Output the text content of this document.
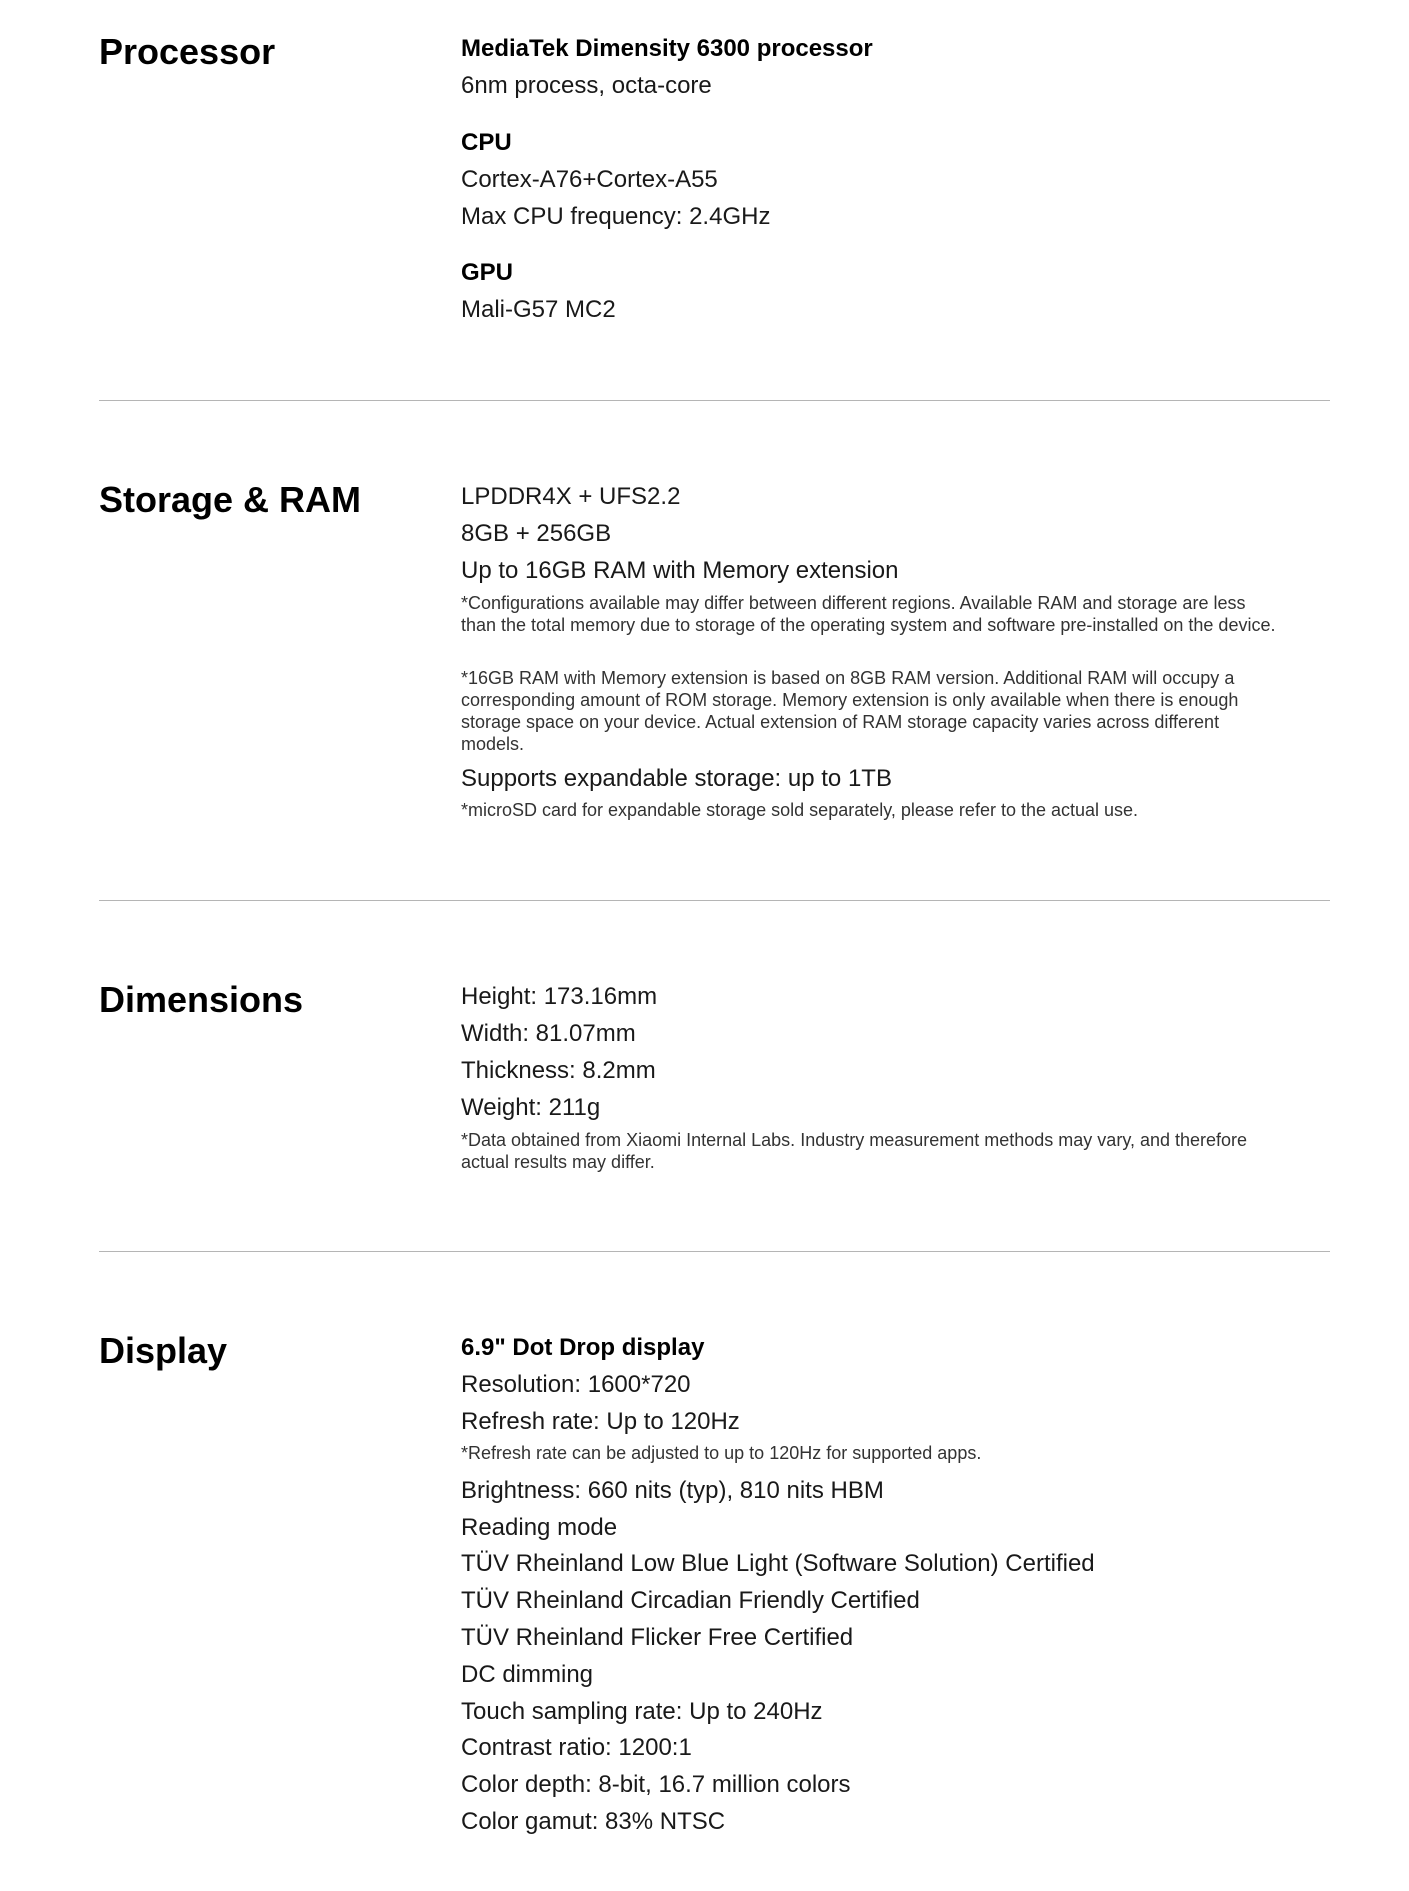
Processor	MediaTek Dimensity 6300 processor
6nm process, octa-core
CPU
Cortex-A76+Cortex-A55
Max CPU frequency: 2.4GHz
GPU
Mali-G57 MC2
Storage & RAM	LPDDR4X + UFS2.2
8GB + 256GB
Up to 16GB RAM with Memory extension
*Configurations available may differ between different regions. Available RAM and storage are less than the total memory due to storage of the operating system and software pre-installed on the device.
*16GB RAM with Memory extension is based on 8GB RAM version. Additional RAM will occupy a corresponding amount of ROM storage. Memory extension is only available when there is enough storage space on your device. Actual extension of RAM storage capacity varies across different models.
Supports expandable storage: up to 1TB
*microSD card for expandable storage sold separately, please refer to the actual use.
Dimensions	Height: 173.16mm
Width: 81.07mm
Thickness: 8.2mm
Weight: 211g
*Data obtained from Xiaomi Internal Labs. Industry measurement methods may vary, and therefore actual results may differ.
Display	6.9" Dot Drop display
Resolution: 1600*720
Refresh rate: Up to 120Hz
*Refresh rate can be adjusted to up to 120Hz for supported apps.
Brightness: 660 nits (typ), 810 nits HBM
Reading mode
TÜV Rheinland Low Blue Light (Software Solution) Certified
TÜV Rheinland Circadian Friendly Certified
TÜV Rheinland Flicker Free Certified
DC dimming
Touch sampling rate: Up to 240Hz
Contrast ratio: 1200:1
Color depth: 8-bit, 16.7 million colors
Color gamut: 83% NTSC
